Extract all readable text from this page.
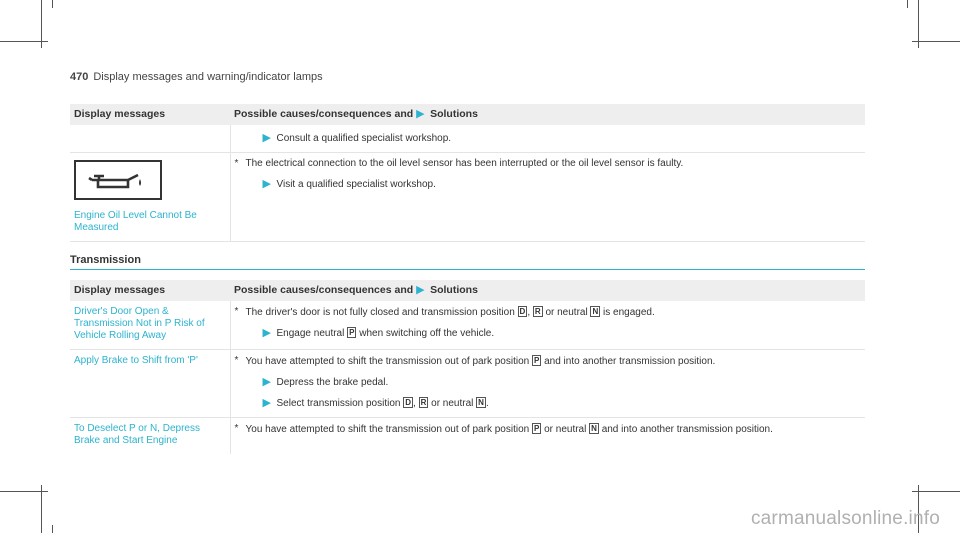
470 Display messages and warning/indicator lamps
Display messages	Possible causes/consequences and ▶ Solutions

	▶ Consult a qualified specialist workshop.

Engine Oil Level Cannot Be Measured	* The electrical connection to the oil level sensor has been interrupted or the oil level sensor is faulty.
▶ Visit a qualified specialist workshop.
Transmission
Display messages	Possible causes/consequences and ▶ Solutions

Driver's Door Open & Transmission Not in P Risk of Vehicle Rolling Away	* The driver's door is not fully closed and transmission position D , R or neutral N is engaged.
▶ Engage neutral P when switching off the vehicle.

Apply Brake to Shift from 'P'	* You have attempted to shift the transmission out of park position P and into another transmission position.
▶ Depress the brake pedal.
▶ Select transmission position D , R or neutral N .

To Deselect P or N, Depress Brake and Start Engine	* You have attempted to shift the transmission out of park position P or neutral N and into another transmission position.
carmanualsonline.info
